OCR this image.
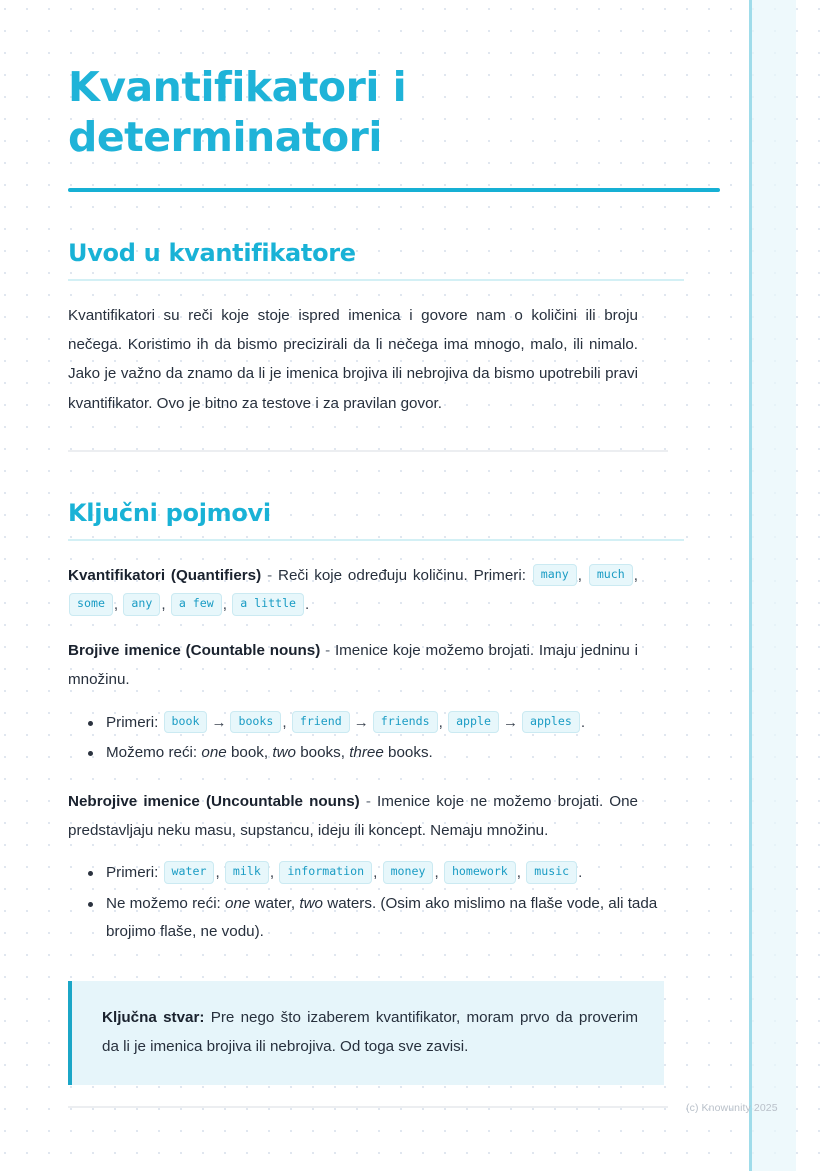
Kvantifikatori i determinatori
Uvod u kvantifikatore

Kvantifikatori su reči koje stoje ispred imenica i govore nam o količini ili broju nečega. Koristimo ih da bismo precizirali da li nečega ima mnogo, malo, ili nimalo. Jako je važno da znamo da li je imenica brojiva ili nebrojiva da bismo upotrebili pravi kvantifikator. Ovo je bitno za testove i za pravilan govor.

Ključni pojmovi

Kvantifikatori (Quantifiers) - Reči koje određuju količinu. Primeri: many , much , some , any , a few , a little .

Brojive imenice (Countable nouns) - Imenice koje možemo brojati. Imaju jedninu i množinu.

Primeri: book → books , friend → friends , apple → apples .
Možemo reći: one book, two books, three books.

Nebrojive imenice (Uncountable nouns) - Imenice koje ne možemo brojati. One predstavljaju neku masu, supstancu, ideju ili koncept. Nemaju množinu.

Primeri: water , milk , information , money , homework , music .
Ne možemo reći: one water, two waters. (Osim ako mislimo na flaše vode, ali tada brojimo flaše, ne vodu).

Ključna stvar: Pre nego što izaberem kvantifikator, moram prvo da proverim da li je imenica brojiva ili nebrojiva. Od toga sve zavisi.

(c) Knowunity 2025
